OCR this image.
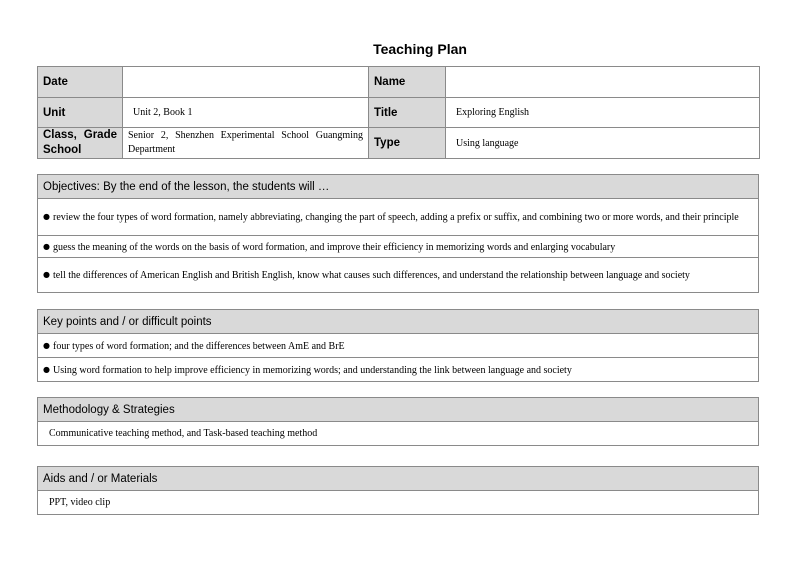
Teaching Plan
Date		Name	
Unit	Unit 2, Book 1	Title	Exploring English
Class, Grade School	Senior 2, Shenzhen Experimental School Guangming Department	Type	Using language
Objectives: By the end of the lesson, the students will …
● review the four types of word formation, namely abbreviating, changing the part of speech, adding a prefix or suffix, and combining two or more words, and their principle
● guess the meaning of the words on the basis of word formation, and improve their efficiency in memorizing words and enlarging vocabulary
● tell the differences of American English and British English, know what causes such differences, and understand the relationship between language and society
Key points and / or difficult points
● four types of word formation; and the differences between AmE and BrE
● Using word formation to help improve efficiency in memorizing words; and understanding the link between language and society
Methodology & Strategies
Communicative teaching method, and Task-based teaching method
Aids and / or Materials
PPT, video clip
